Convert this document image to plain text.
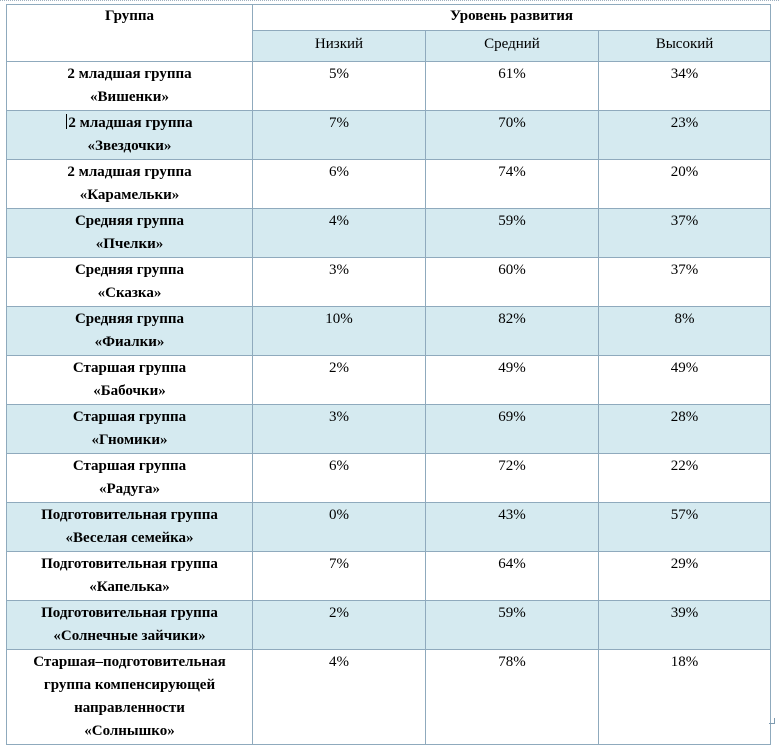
Группа	Уровень развития		
	Низкий	Средний	Высокий

2 младшая группа
«Вишенки»	5%	61%	34%

2 младшая группа
«Звездочки»	7%	70%	23%

2 младшая группа
«Карамельки»	6%	74%	20%

Средняя группа
«Пчелки»	4%	59%	37%

Средняя группа
«Сказка»	3%	60%	37%

Средняя группа
«Фиалки»	10%	82%	8%

Старшая группа
«Бабочки»	2%	49%	49%

Старшая группа
«Гномики»	3%	69%	28%

Старшая группа
«Радуга»	6%	72%	22%

Подготовительная группа
«Веселая семейка»	0%	43%	57%

Подготовительная группа
«Капелька»	7%	64%	29%

Подготовительная группа
«Солнечные зайчики»	2%	59%	39%

Старшая–подготовительная
группа компенсирующей
направленности
«Солнышко»	4%	78%	18%
